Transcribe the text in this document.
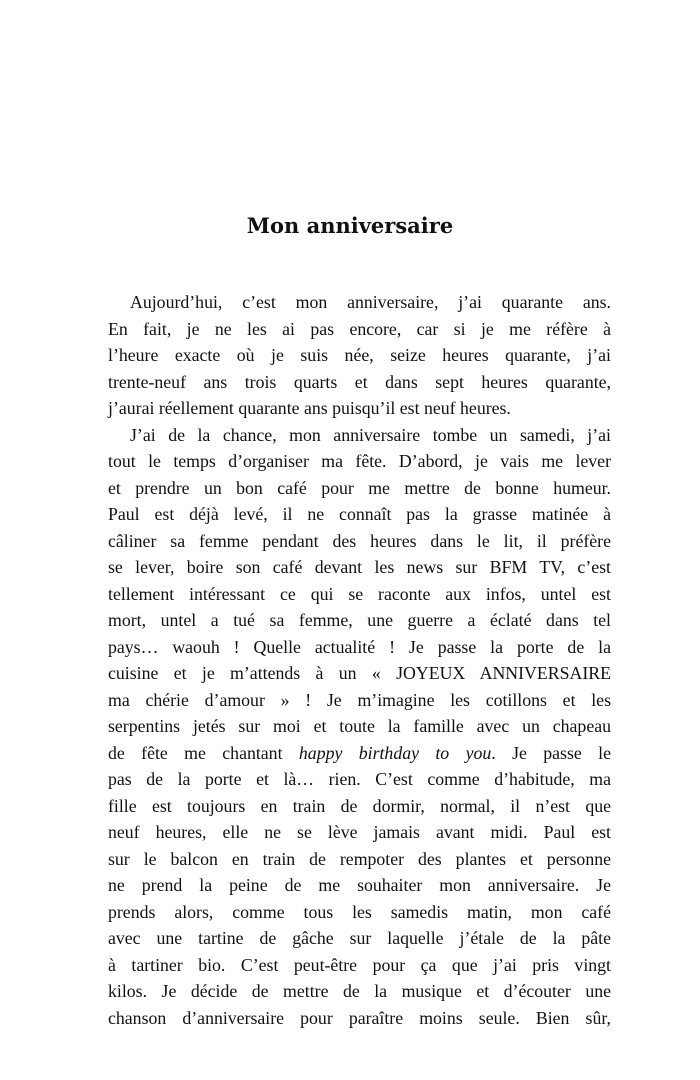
Mon anniversaire
Aujourd’hui, c’est mon anniversaire, j’ai quarante ans.
En fait, je ne les ai pas encore, car si je me réfère à
l’heure exacte où je suis née, seize heures quarante, j’ai
trente-neuf ans trois quarts et dans sept heures quarante,
j’aurai réellement quarante ans puisqu’il est neuf heures.
J’ai de la chance, mon anniversaire tombe un samedi, j’ai
tout le temps d’organiser ma fête. D’abord, je vais me lever
et prendre un bon café pour me mettre de bonne humeur.
Paul est déjà levé, il ne connaît pas la grasse matinée à
câliner sa femme pendant des heures dans le lit, il préfère
se lever, boire son café devant les news sur BFM TV, c’est
tellement intéressant ce qui se raconte aux infos, untel est
mort, untel a tué sa femme, une guerre a éclaté dans tel
pays… waouh ! Quelle actualité ! Je passe la porte de la
cuisine et je m’attends à un « JOYEUX ANNIVERSAIRE
ma chérie d’amour » ! Je m’imagine les cotillons et les
serpentins jetés sur moi et toute la famille avec un chapeau
de fête me chantant happy birthday to you. Je passe le
pas de la porte et là… rien. C’est comme d’habitude, ma
fille est toujours en train de dormir, normal, il n’est que
neuf heures, elle ne se lève jamais avant midi. Paul est
sur le balcon en train de rempoter des plantes et personne
ne prend la peine de me souhaiter mon anniversaire. Je
prends alors, comme tous les samedis matin, mon café
avec une tartine de gâche sur laquelle j’étale de la pâte
à tartiner bio. C’est peut-être pour ça que j’ai pris vingt
kilos. Je décide de mettre de la musique et d’écouter une
chanson d’anniversaire pour paraître moins seule. Bien sûr,
